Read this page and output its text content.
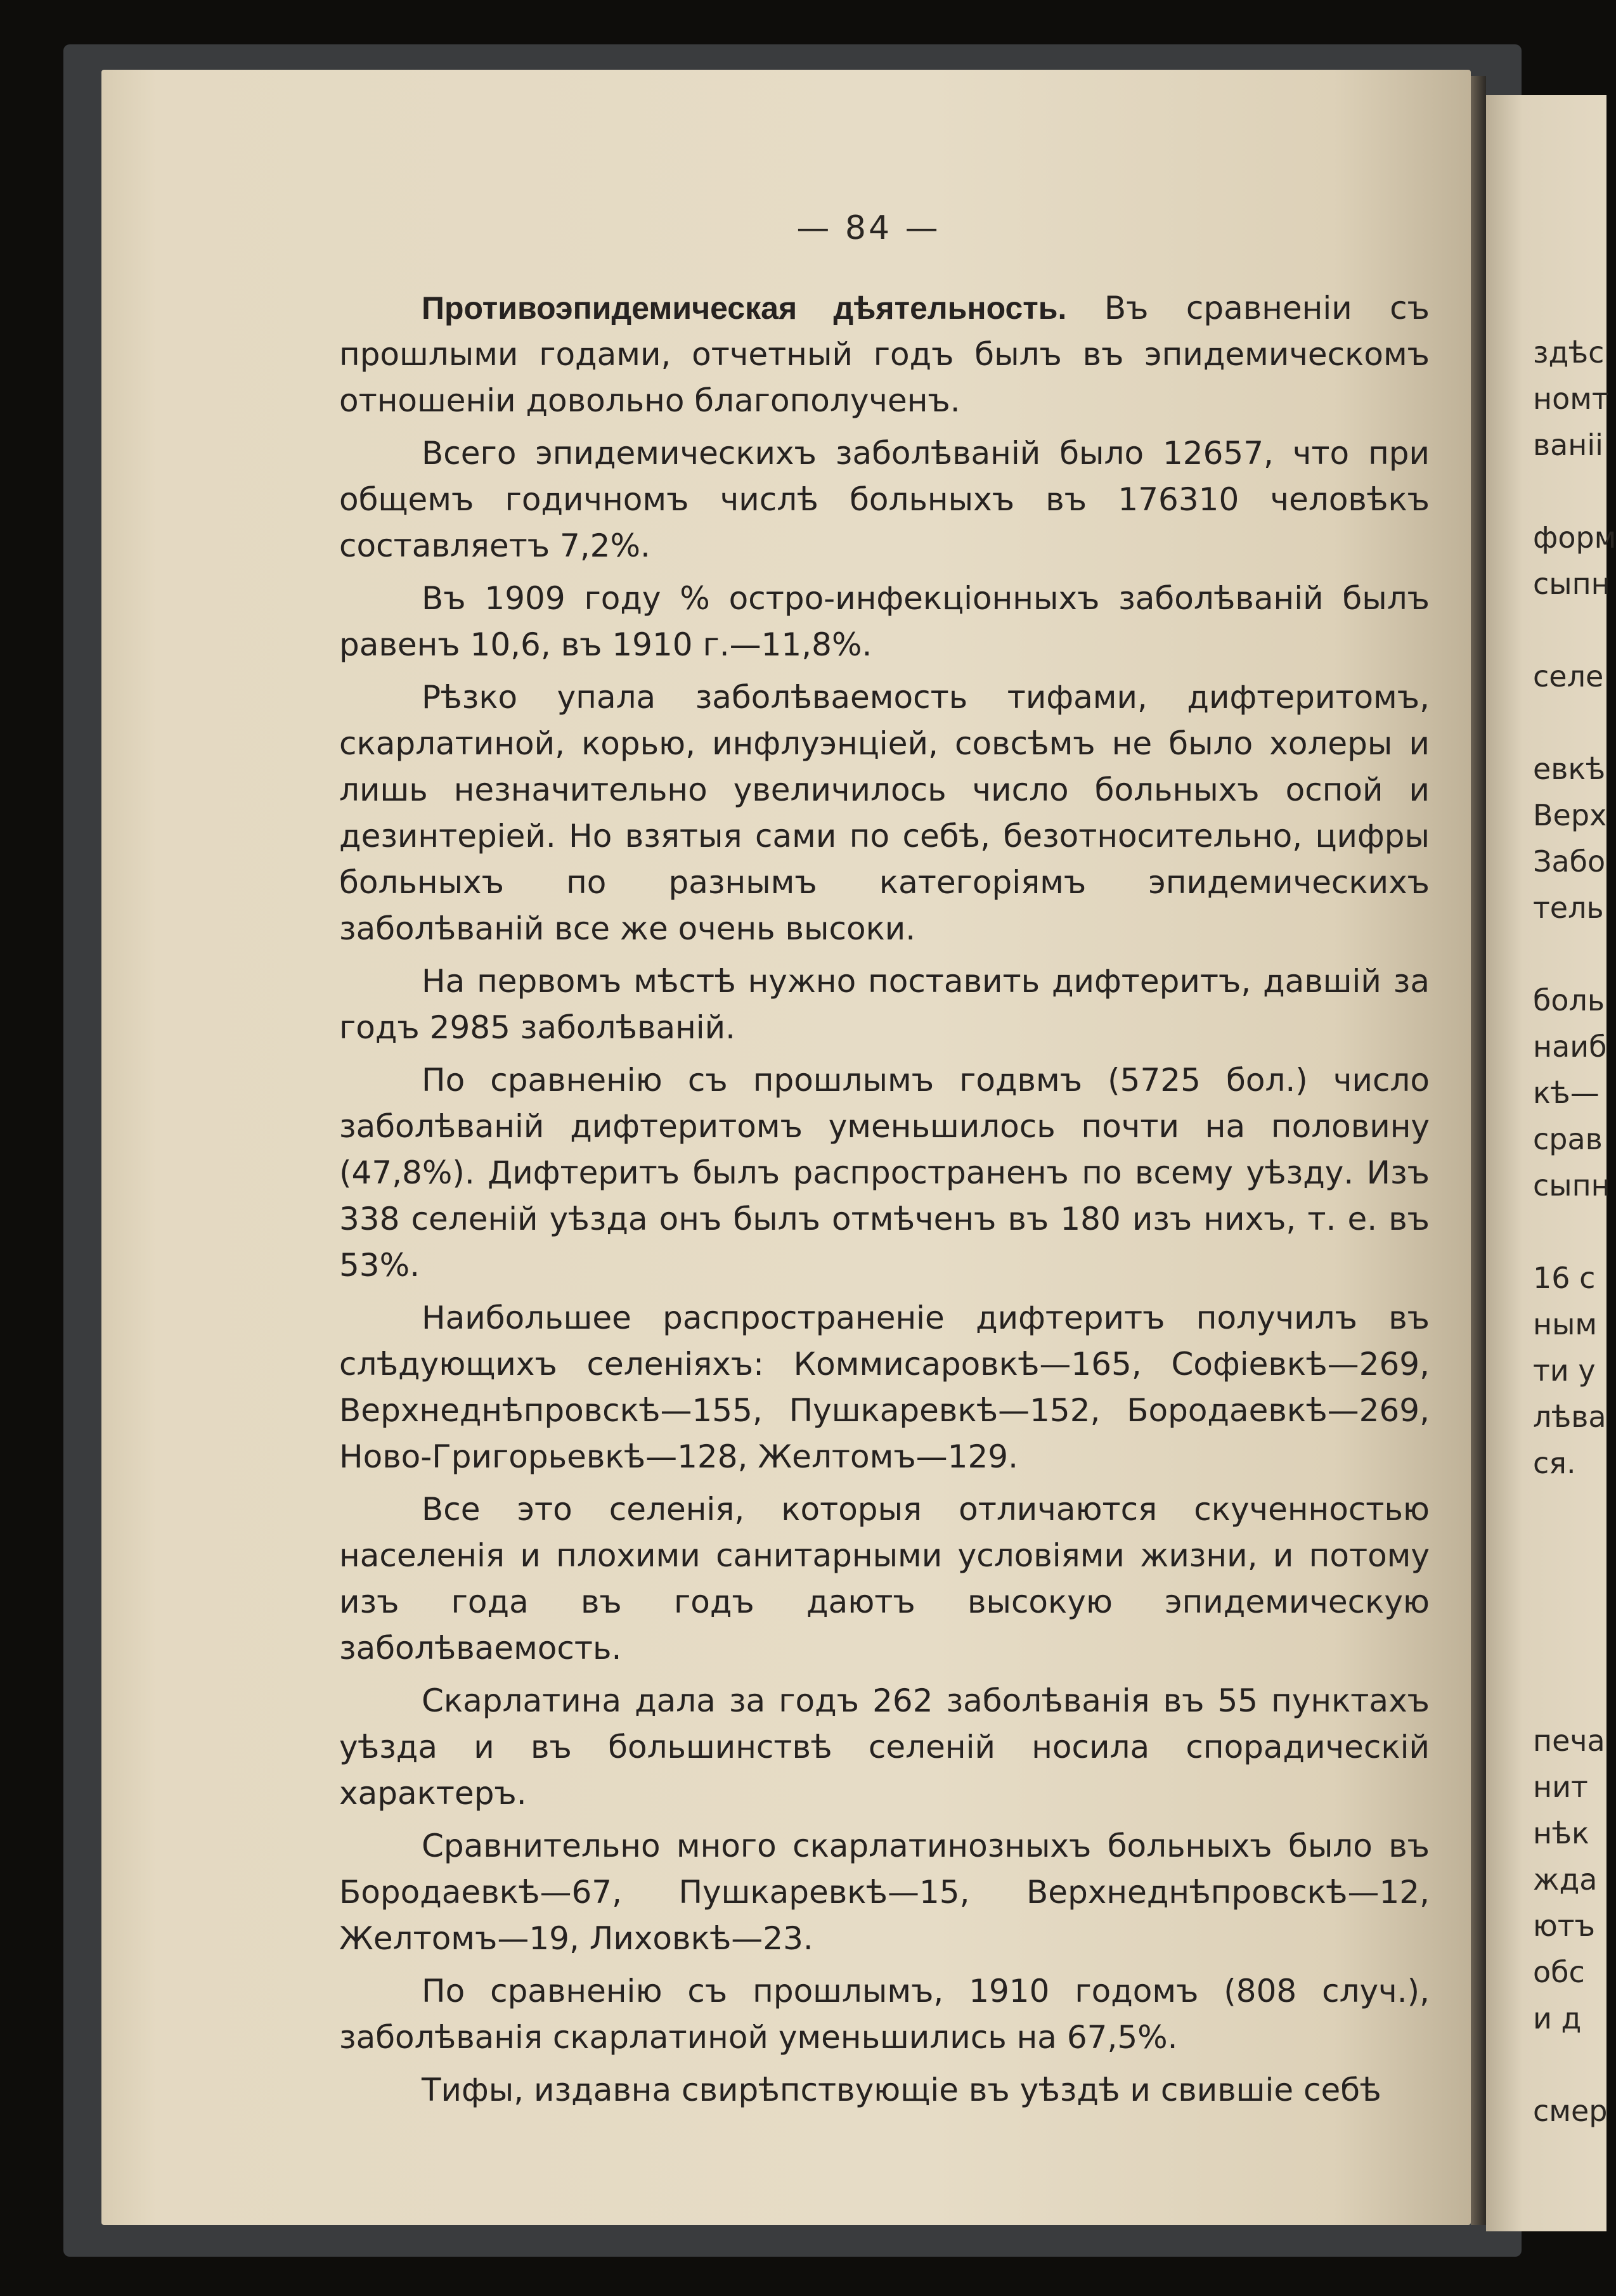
— 84 —

Противоэпидемическая дѣятельность. Въ сравненіи съ прошлыми годами, отчетный годъ былъ въ эпидемическомъ отношеніи довольно благополученъ.

Всего эпидемическихъ заболѣваній было 12657, что при общемъ годичномъ числѣ больныхъ въ 176310 человѣкъ составляетъ 7,2%.

Въ 1909 году % остро-инфекціонныхъ заболѣваній былъ равенъ 10,6, въ 1910 г.—11,8%.

Рѣзко упала заболѣваемость тифами, дифтеритомъ, скарлатиной, корью, инфлуэнціей, совсѣмъ не было холеры и лишь незначительно увеличилось число больныхъ оспой и дезинтеріей. Но взятыя сами по себѣ, безотносительно, цифры больныхъ по разнымъ категоріямъ эпидемическихъ заболѣваній все же очень высоки.

На первомъ мѣстѣ нужно поставить дифтеритъ, давшій за годъ 2985 заболѣваній.

По сравненію съ прошлымъ годвмъ (5725 бол.) число заболѣваній дифтеритомъ уменьшилось почти на половину (47,8%). Дифтеритъ былъ распространенъ по всему уѣзду. Изъ 338 селеній уѣзда онъ былъ отмѣченъ въ 180 изъ нихъ, т. е. въ 53%.

Наибольшее распространеніе дифтеритъ получилъ въ слѣдующихъ селеніяхъ: Коммисаровкѣ—165, Софіевкѣ—269, Верхнеднѣпровскѣ—155, Пушкаревкѣ—152, Бородаевкѣ—269, Ново-Григорьевкѣ—128, Желтомъ—129.

Все это селенія, которыя отличаются скученностью населенія и плохими санитарными условіями жизни, и потому изъ года въ годъ даютъ высокую эпидемическую заболѣваемость.

Скарлатина дала за годъ 262 заболѣванія въ 55 пунктахъ уѣзда и въ большинствѣ селеній носила спорадическій характеръ.

Сравнительно много скарлатинозныхъ больныхъ было въ Бородаевкѣ—67, Пушкаревкѣ—15, Верхнеднѣпровскѣ—12, Желтомъ—19, Лиховкѣ—23.

По сравненію съ прошлымъ, 1910 годомъ (808 случ.), заболѣванія скарлатиной уменьшились на 67,5%.

Тифы, издавна свирѣпствующіе въ уѣздѣ и свившіе себѣ

здѣс
номт
ваніі
форм
сыпн
селе
евкѣ
Верх
Забо
тель
боль
наиб
кѣ—
срав
сыпн
16 с
ным
ти у
лѣва
ся.
печа
нит
нѣк
жда
ютъ
обс
и д
смер
